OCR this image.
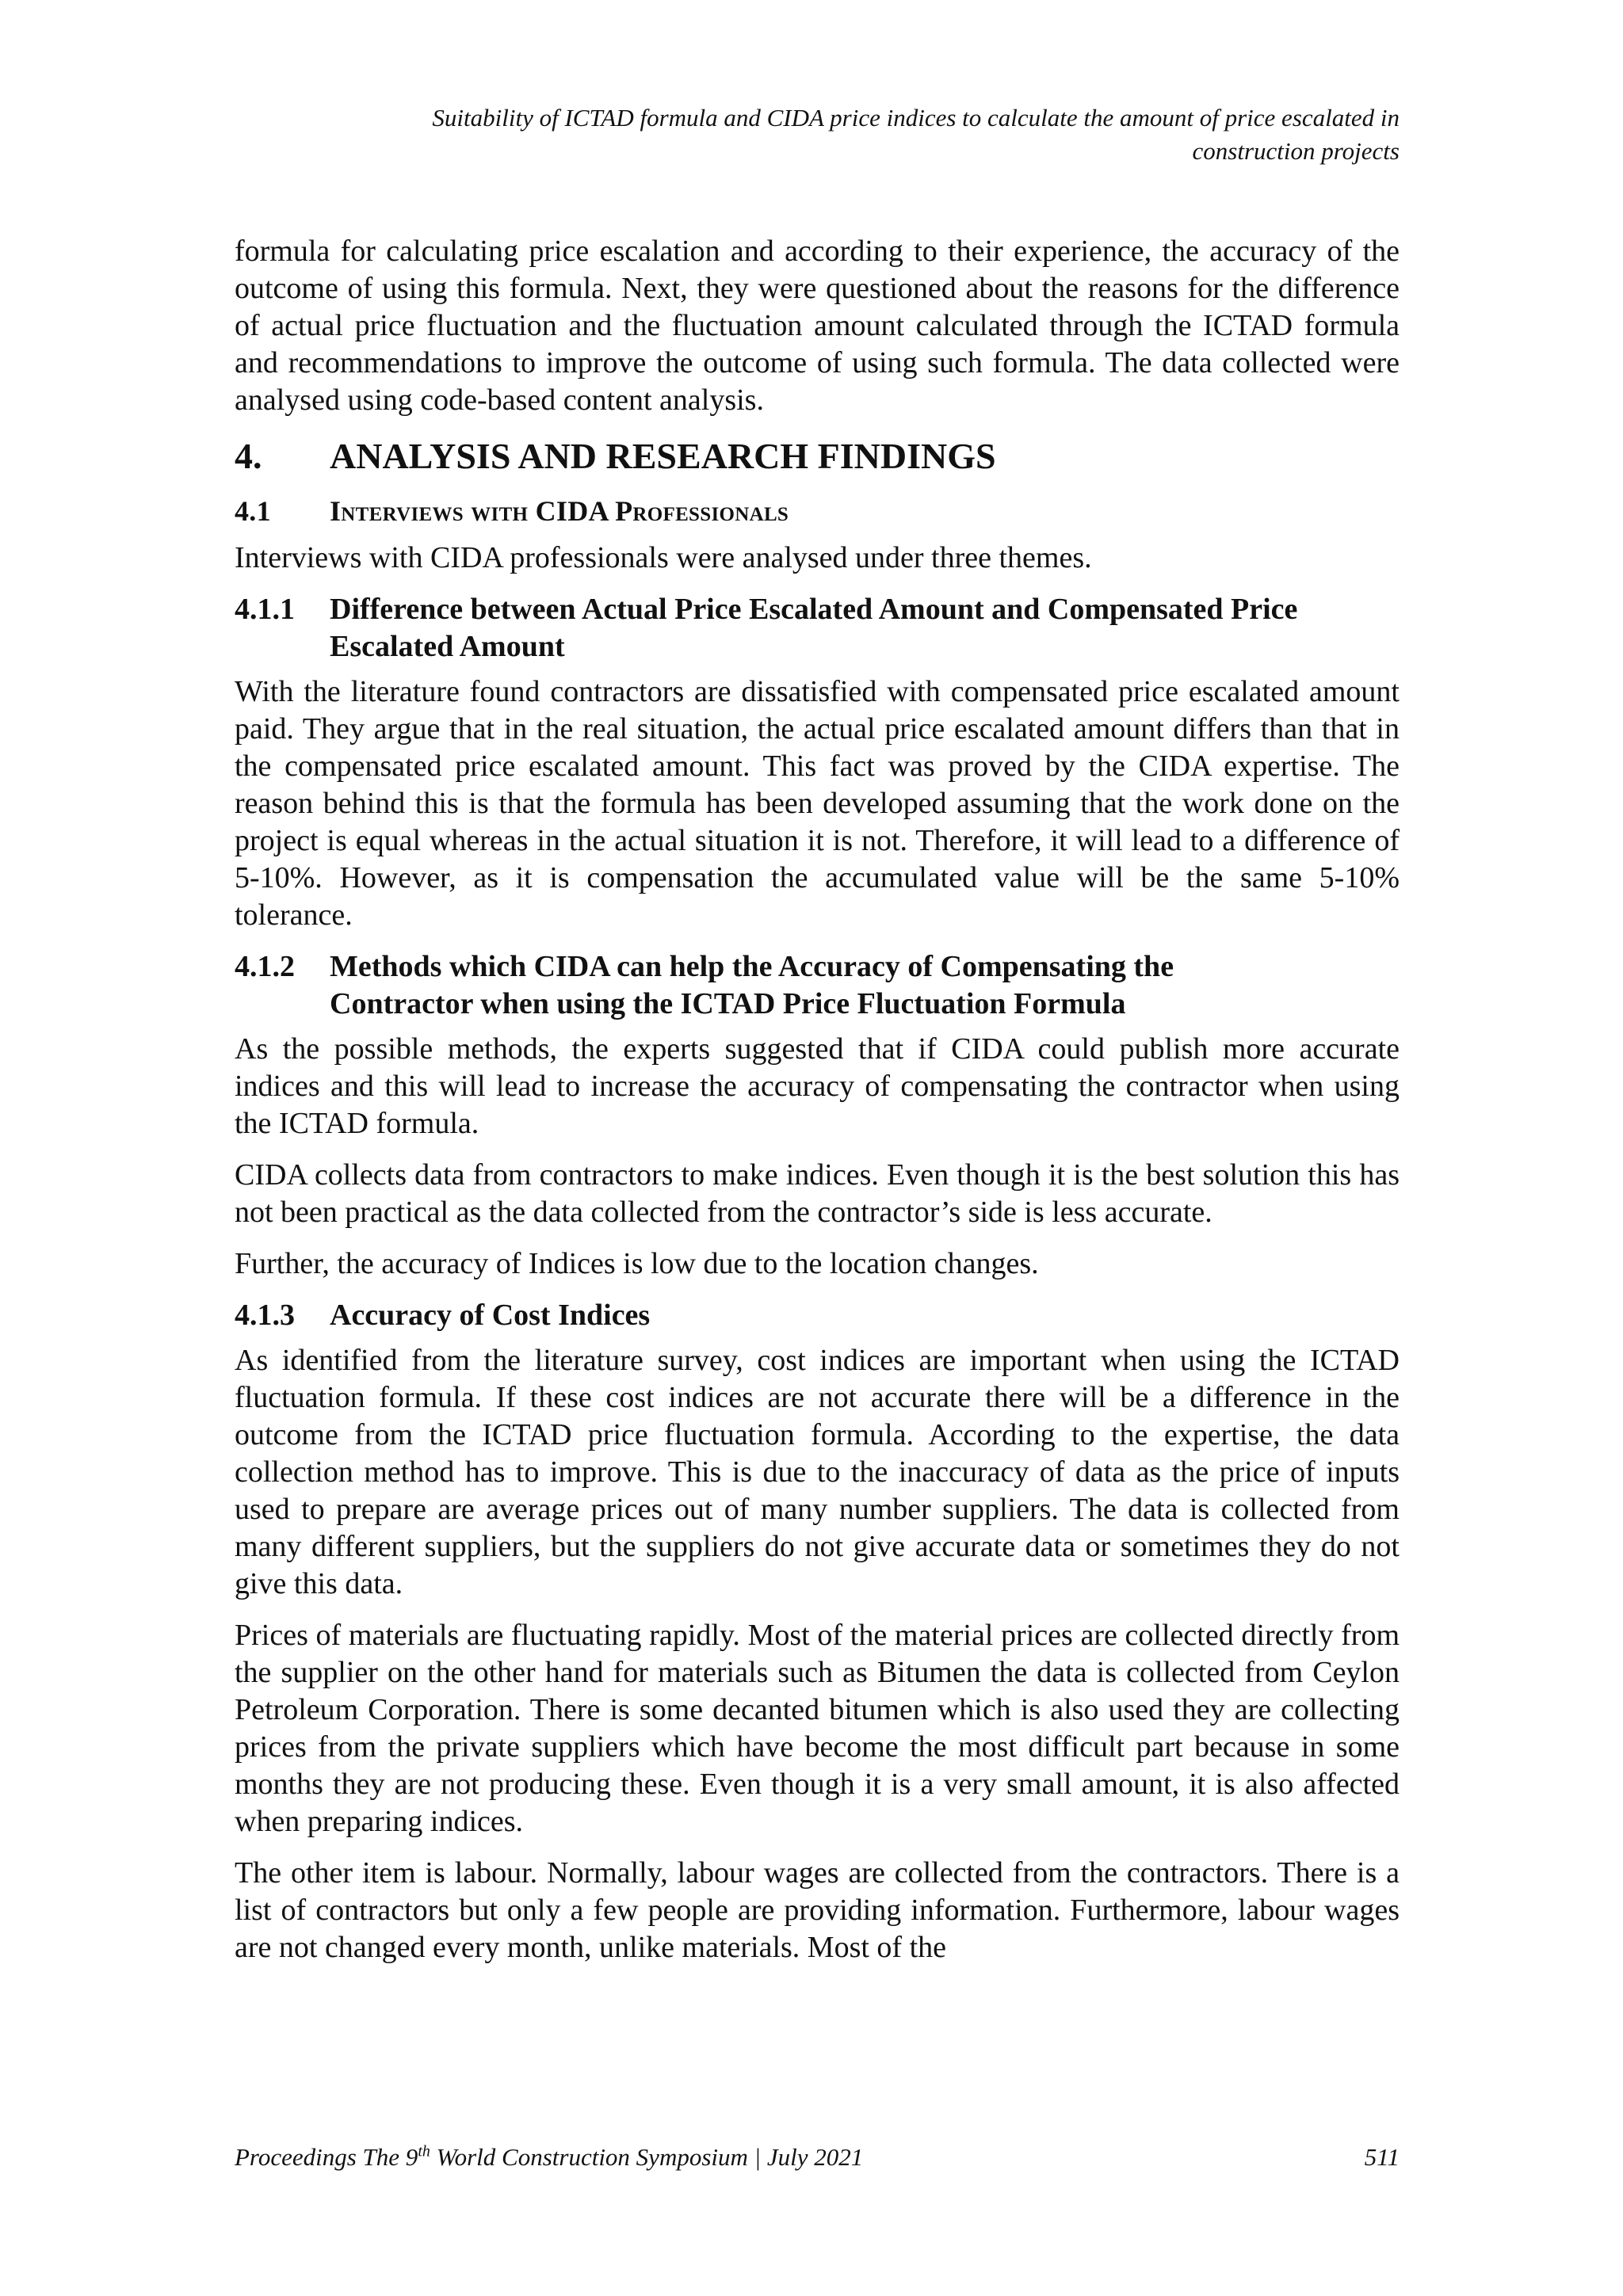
Suitability of ICTAD formula and CIDA price indices to calculate the amount of price escalated in
construction projects

formula for calculating price escalation and according to their experience, the accuracy of the outcome of using this formula. Next, they were questioned about the reasons for the difference of actual price fluctuation and the fluctuation amount calculated through the ICTAD formula and recommendations to improve the outcome of using such formula. The data collected were analysed using code-based content analysis.

4.	ANALYSIS AND RESEARCH FINDINGS
4.1	Interviews with CIDA Professionals

Interviews with CIDA professionals were analysed under three themes.

4.1.1	Difference between Actual Price Escalated Amount and Compensated Price Escalated Amount

With the literature found contractors are dissatisfied with compensated price escalated amount paid. They argue that in the real situation, the actual price escalated amount differs than that in the compensated price escalated amount. This fact was proved by the CIDA expertise. The reason behind this is that the formula has been developed assuming that the work done on the project is equal whereas in the actual situation it is not. Therefore, it will lead to a difference of 5-10%. However, as it is compensation the accumulated value will be the same 5-10% tolerance.

4.1.2	Methods which CIDA can help the Accuracy of Compensating the
Contractor when using the ICTAD Price Fluctuation Formula

As the possible methods, the experts suggested that if CIDA could publish more accurate indices and this will lead to increase the accuracy of compensating the contractor when using the ICTAD formula.

CIDA collects data from contractors to make indices. Even though it is the best solution this has not been practical as the data collected from the contractor’s side is less accurate.

Further, the accuracy of Indices is low due to the location changes.

4.1.3	Accuracy of Cost Indices

As identified from the literature survey, cost indices are important when using the ICTAD fluctuation formula. If these cost indices are not accurate there will be a difference in the outcome from the ICTAD price fluctuation formula. According to the expertise, the data collection method has to improve. This is due to the inaccuracy of data as the price of inputs used to prepare are average prices out of many number suppliers. The data is collected from many different suppliers, but the suppliers do not give accurate data or sometimes they do not give this data.

Prices of materials are fluctuating rapidly. Most of the material prices are collected directly from the supplier on the other hand for materials such as Bitumen the data is collected from Ceylon Petroleum Corporation. There is some decanted bitumen which is also used they are collecting prices from the private suppliers which have become the most difficult part because in some months they are not producing these. Even though it is a very small amount, it is also affected when preparing indices.

The other item is labour. Normally, labour wages are collected from the contractors. There is a list of contractors but only a few people are providing information. Furthermore, labour wages are not changed every month, unlike materials. Most of the

Proceedings The 9th World Construction Symposium | July 2021	511
